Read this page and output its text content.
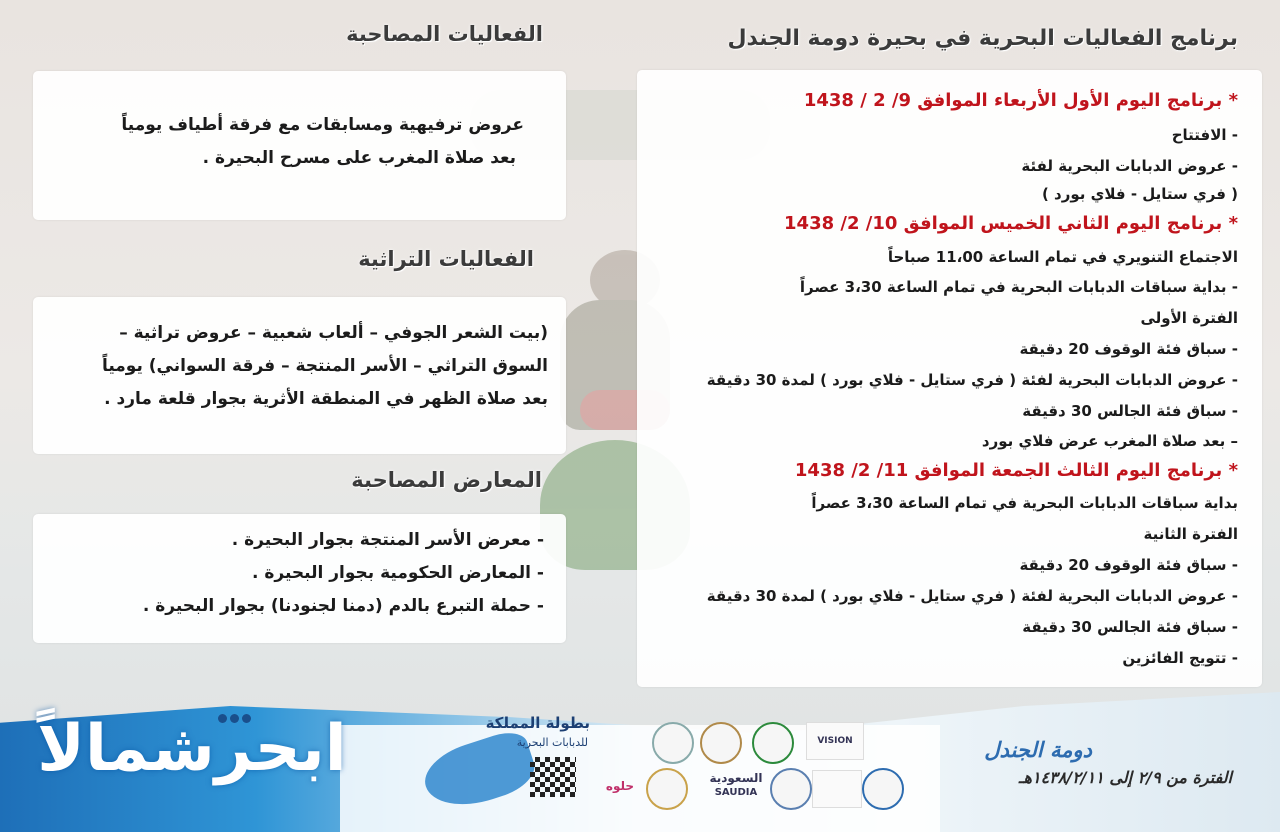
برنامج الفعاليات البحرية في بحيرة دومة الجندل
الفعاليات المصاحبة
الفعاليات التراثية
المعارض المصاحبة
* برنامج اليوم الأول الأربعاء الموافق 9/ 2 / 1438
- الافتتاح
- عروض الدبابات البحرية لفئة
( فري ستايل - فلاي بورد )
* برنامج اليوم الثاني الخميس الموافق 10/ 2/ 1438
الاجتماع التنويري في تمام الساعة 11،00 صباحاً
- بداية سباقات الدبابات البحرية في تمام الساعة 3،30 عصراً
الفترة الأولى
- سباق فئة الوقوف 20 دقيقة
- عروض الدبابات البحرية لفئة ( فري ستايل - فلاي بورد ) لمدة 30 دقيقة
- سباق فئة الجالس 30 دقيقة
– بعد صلاة المغرب عرض فلاي بورد
* برنامج اليوم الثالث الجمعة الموافق 11/ 2/ 1438
بداية سباقات الدبابات البحرية في تمام الساعة 3،30 عصراً
الفترة الثانية
- سباق فئة الوقوف 20 دقيقة
- عروض الدبابات البحرية لفئة ( فري ستايل - فلاي بورد ) لمدة 30 دقيقة
- سباق فئة الجالس 30 دقيقة
- تتويج الفائزين
عروض ترفيهية ومسابقات مع فرقة أطياف يومياً
بعد صلاة المغرب على مسرح البحيرة .
(بيت الشعر الجوفي – ألعاب شعبية – عروض تراثية –
السوق التراثي – الأسر المنتجة – فرقة السواني) يومياً
بعد صلاة الظهر في المنطقة الأثرية بجوار قلعة مارد .
- معرض الأسر المنتجة بجوار البحيرة .
- المعارض الحكومية بجوار البحيرة .
- حملة التبرع بالدم (دمنا لجنودنا) بجوار البحيرة .
ابحرشمالاً	بطولة المملكة
للدبابات البحرية	VISION
حلوه
السعودية
SAUDIA
دومة الجندل
الفترة من ٢/٩ إلى ١٤٣٨/٢/١١هـ
